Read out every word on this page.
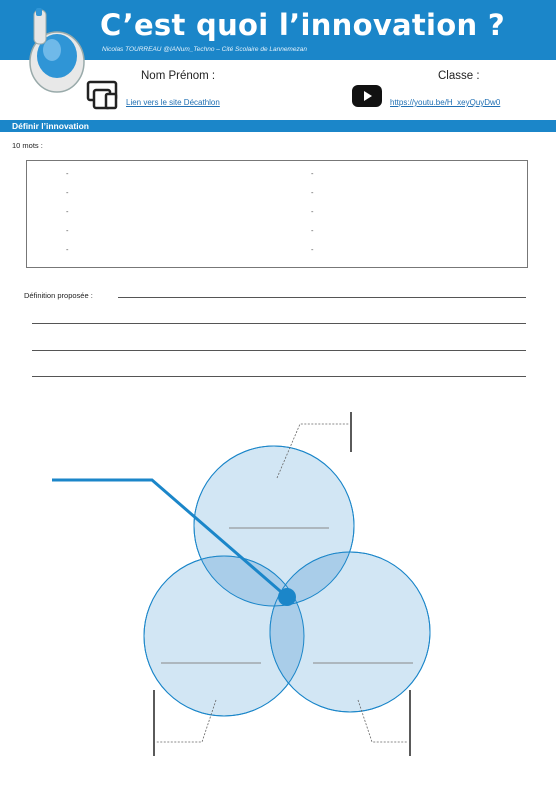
C’est quoi l’innovation ?
Nicolas TOURREAU @IANum_Techno – Cité Scolaire de Lannemezan
Nom Prénom :	Classe :
Lien vers le site Décathlon	https://youtu.be/H_xeyQuyDw0
Définir l’innovation
10 mots :
-
-
-
-
-
-
-
-
-
-
Définition proposée :
